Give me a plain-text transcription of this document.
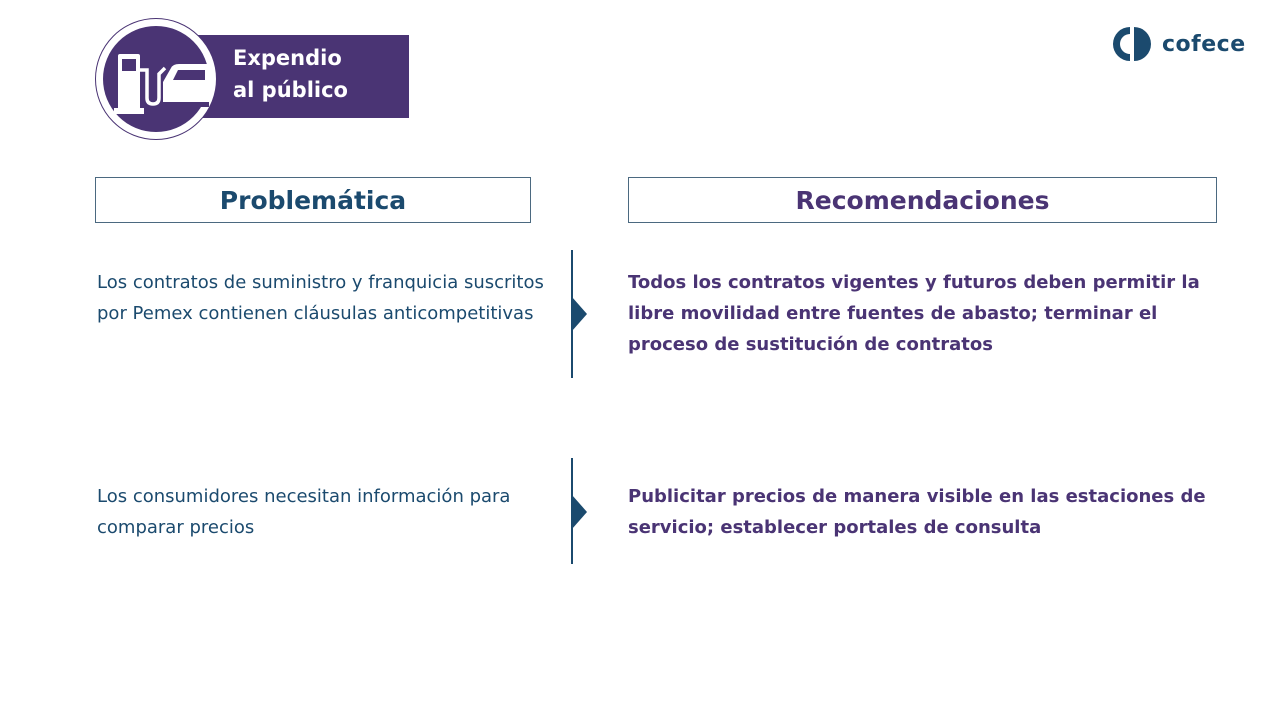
Expendio
al público
cofece
Problemática	Recomendaciones
Los contratos de suministro y franquicia suscritos por Pemex contienen cláusulas anticompetitivas
Todos los contratos vigentes y futuros deben permitir la libre movilidad entre fuentes de abasto; terminar el proceso de sustitución de contratos
Los consumidores necesitan información para comparar precios
Publicitar precios de manera visible en las estaciones de servicio; establecer portales de consulta
